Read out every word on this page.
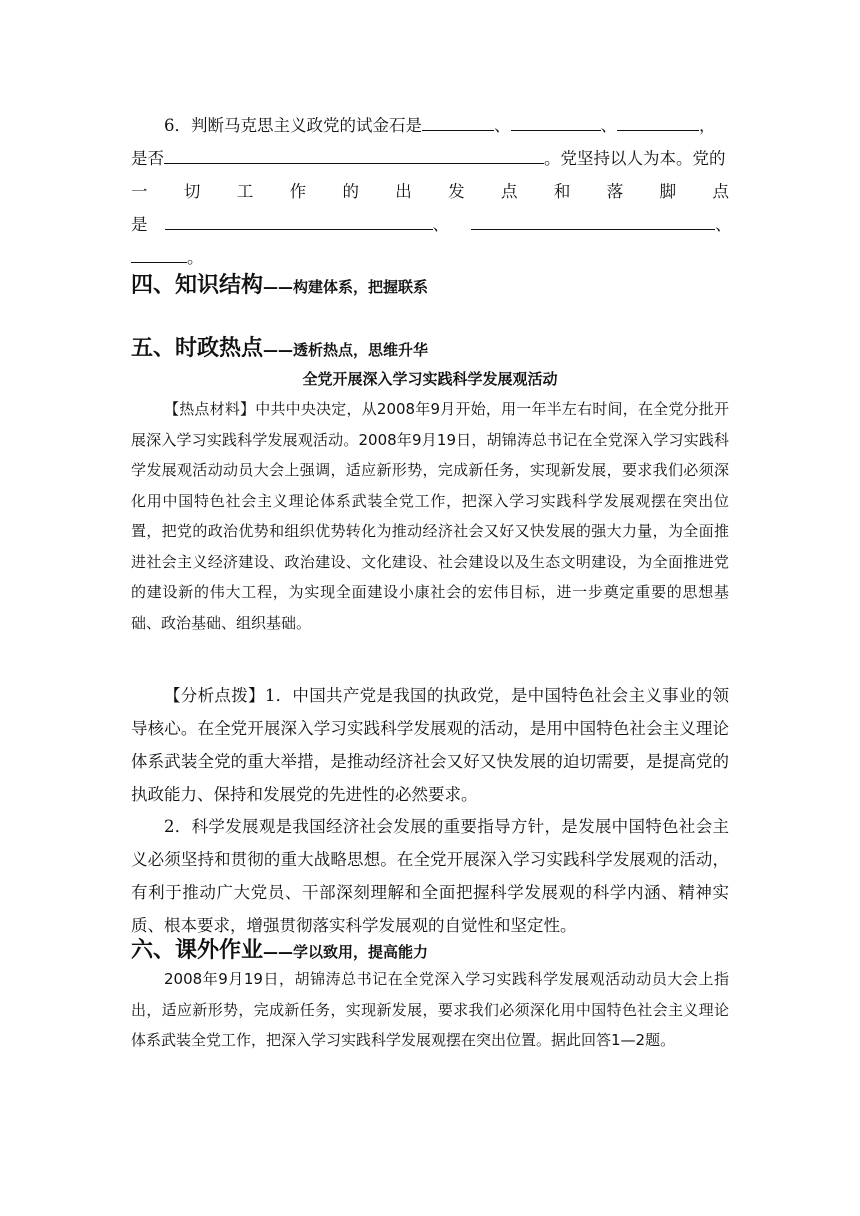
6．判断马克思主义政党的试金石是	、	、	，
是否	。党坚持以人为本。党的
一 切 工 作 的 出 发 点 和 落 脚 点
是	、	、
。
四、知识结构——构建体系，把握联系
五、时政热点——透析热点，思维升华
全党开展深入学习实践科学发展观活动
【热点材料】中共中央决定，从2008年9月开始，用一年半左右时间，在全党分批开展深入学习实践科学发展观活动。2008年9月19日，胡锦涛总书记在全党深入学习实践科学发展观活动动员大会上强调，适应新形势，完成新任务，实现新发展，要求我们必须深化用中国特色社会主义理论体系武装全党工作，把深入学习实践科学发展观摆在突出位置，把党的政治优势和组织优势转化为推动经济社会又好又快发展的强大力量，为全面推进社会主义经济建设、政治建设、文化建设、社会建设以及生态文明建设，为全面推进党的建设新的伟大工程，为实现全面建设小康社会的宏伟目标，进一步奠定重要的思想基础、政治基础、组织基础。
【分析点拨】1．中国共产党是我国的执政党，是中国特色社会主义事业的领导核心。在全党开展深入学习实践科学发展观的活动，是用中国特色社会主义理论体系武装全党的重大举措，是推动经济社会又好又快发展的迫切需要，是提高党的执政能力、保持和发展党的先进性的必然要求。
2．科学发展观是我国经济社会发展的重要指导方针，是发展中国特色社会主义必须坚持和贯彻的重大战略思想。在全党开展深入学习实践科学发展观的活动，有利于推动广大党员、干部深刻理解和全面把握科学发展观的科学内涵、精神实质、根本要求，增强贯彻落实科学发展观的自觉性和坚定性。
六、课外作业——学以致用，提高能力
2008年9月19日，胡锦涛总书记在全党深入学习实践科学发展观活动动员大会上指出，适应新形势，完成新任务，实现新发展，要求我们必须深化用中国特色社会主义理论体系武装全党工作，把深入学习实践科学发展观摆在突出位置。据此回答1—2题。
